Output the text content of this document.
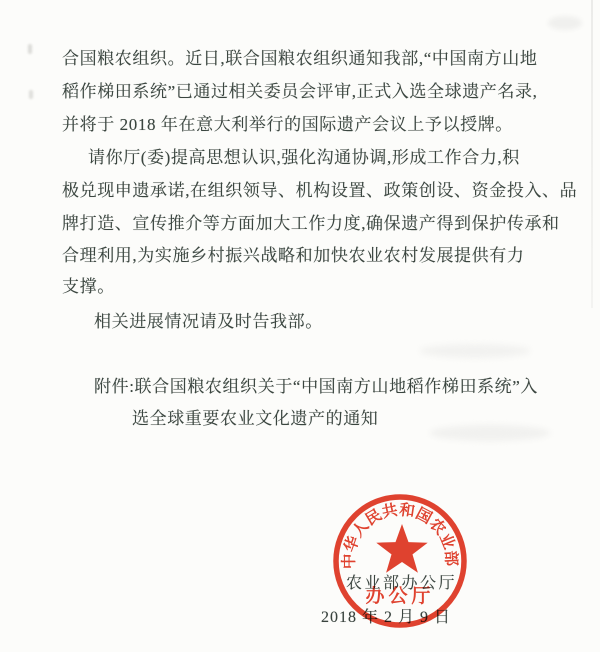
合国粮农组织。近日,联合国粮农组织通知我部,“中国南方山地
稻作梯田系统”已通过相关委员会评审,正式入选全球遗产名录,
并将于 2018 年在意大利举行的国际遗产会议上予以授牌。
请你厅(委)提高思想认识,强化沟通协调,形成工作合力,积
极兑现申遗承诺,在组织领导、机构设置、政策创设、资金投入、品
牌打造、宣传推介等方面加大工作力度,确保遗产得到保护传承和
合理利用,为实施乡村振兴战略和加快农业农村发展提供有力
支撑。
相关进展情况请及时告我部。
附件:联合国粮农组织关于“中国南方山地稻作梯田系统”入
选全球重要农业文化遗产的通知
农业部办公厅
2018 年 2 月 9 日
中华人民共和国农业部
办公厅
